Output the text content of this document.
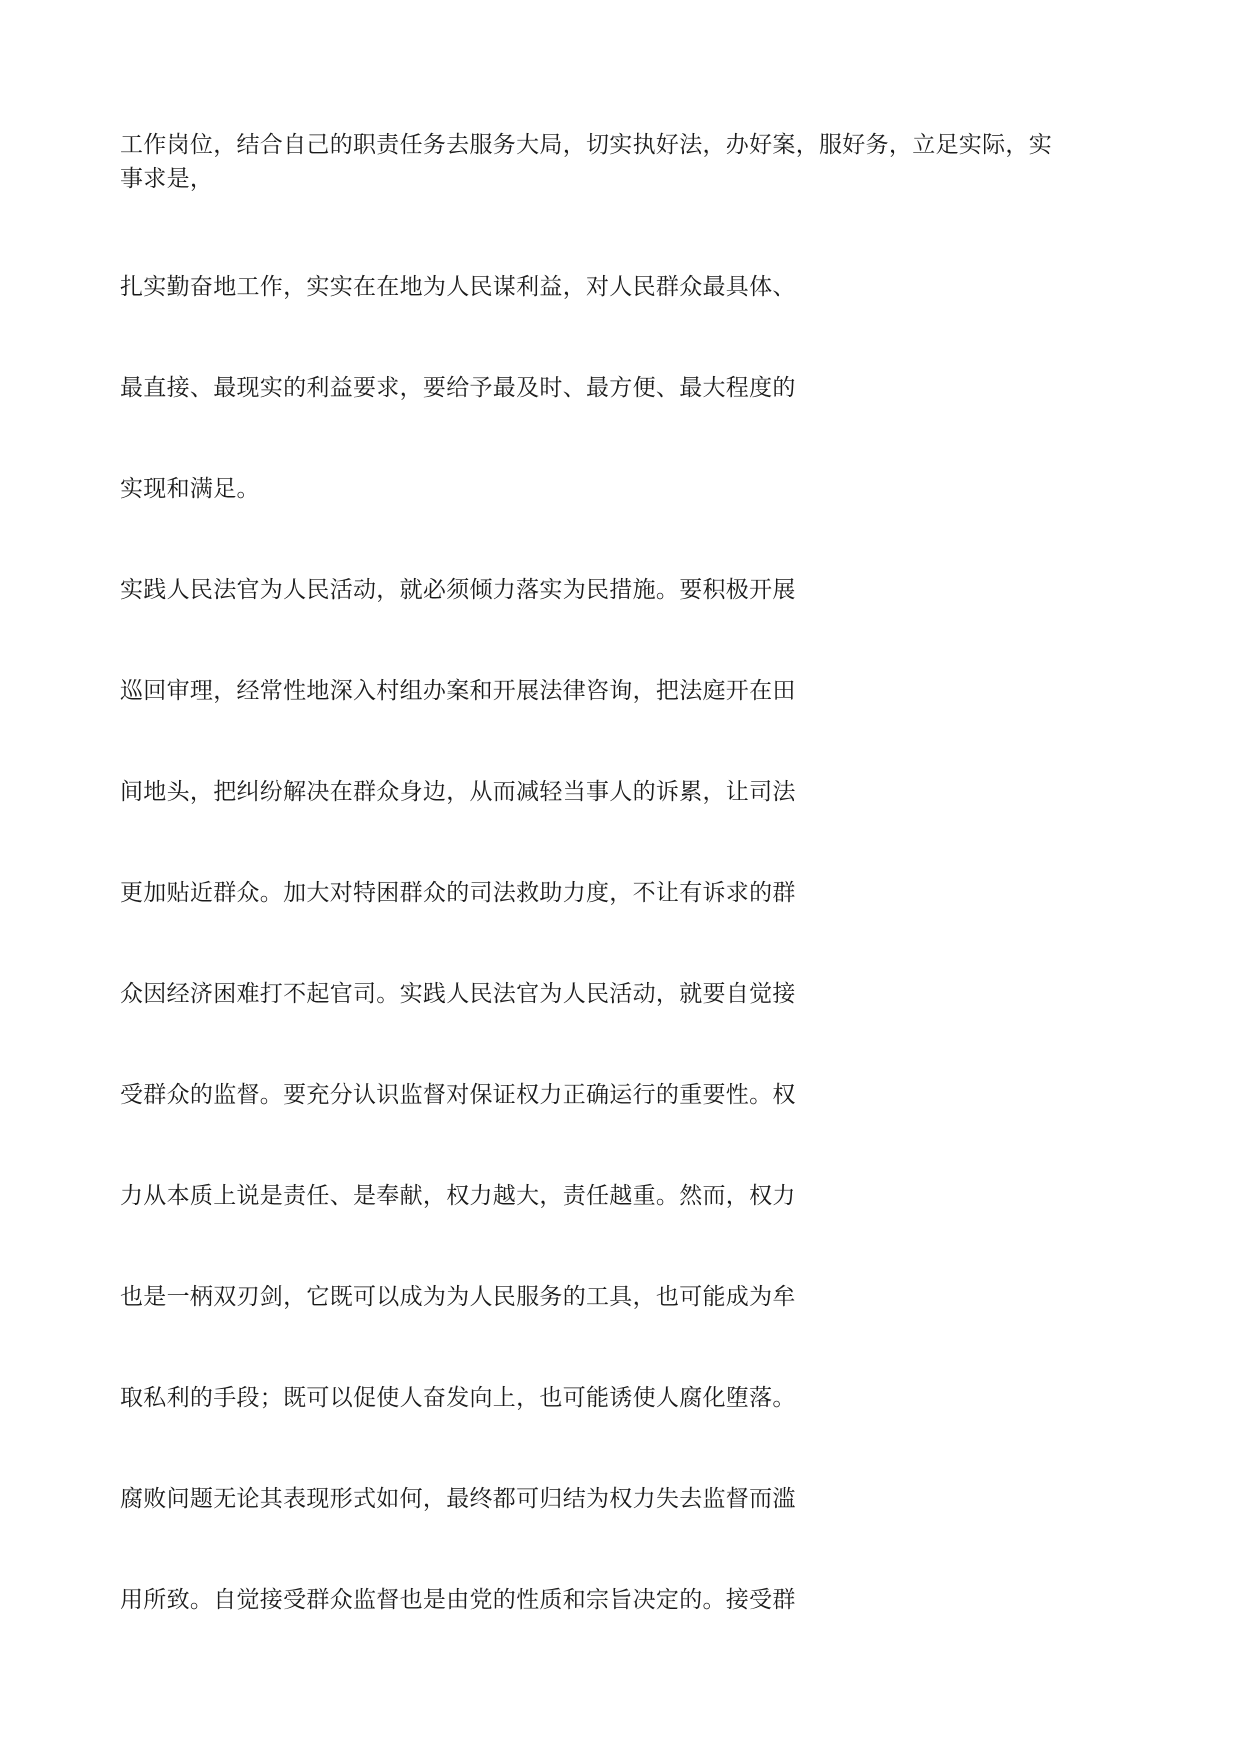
工作岗位，结合自己的职责任务去服务大局，切实执好法，办好案，服好务，立足实际，实
事求是，
扎实勤奋地工作，实实在在地为人民谋利益，对人民群众最具体、
最直接、最现实的利益要求，要给予最及时、最方便、最大程度的
实现和满足。
实践人民法官为人民活动，就必须倾力落实为民措施。要积极开展
巡回审理，经常性地深入村组办案和开展法律咨询，把法庭开在田
间地头，把纠纷解决在群众身边，从而减轻当事人的诉累，让司法
更加贴近群众。加大对特困群众的司法救助力度，不让有诉求的群
众因经济困难打不起官司。实践人民法官为人民活动，就要自觉接
受群众的监督。要充分认识监督对保证权力正确运行的重要性。权
力从本质上说是责任、是奉献，权力越大，责任越重。然而，权力
也是一柄双刃剑，它既可以成为为人民服务的工具，也可能成为牟
取私利的手段；既可以促使人奋发向上，也可能诱使人腐化堕落。
腐败问题无论其表现形式如何，最终都可归结为权力失去监督而滥
用所致。自觉接受群众监督也是由党的性质和宗旨决定的。接受群
